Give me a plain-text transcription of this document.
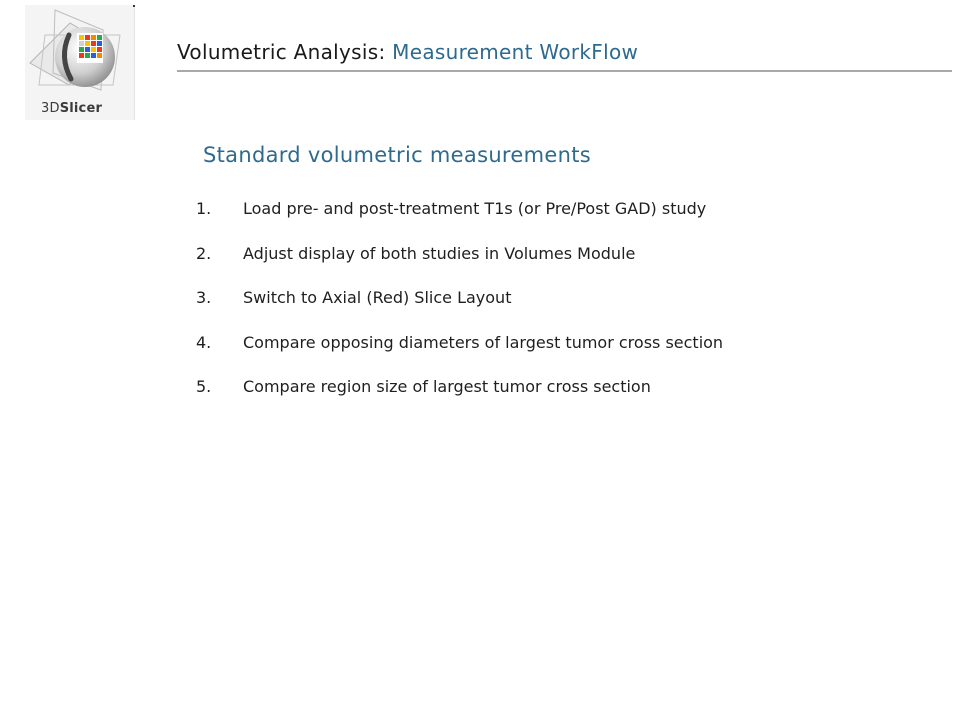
3DSlicer
Volumetric Analysis: Measurement WorkFlow
Standard volumetric measurements
1. Load pre- and post-treatment T1s (or Pre/Post GAD) study
2. Adjust display of both studies in Volumes Module
3. Switch to Axial (Red) Slice Layout
4. Compare opposing diameters of largest tumor cross section
5. Compare region size of largest tumor cross section
